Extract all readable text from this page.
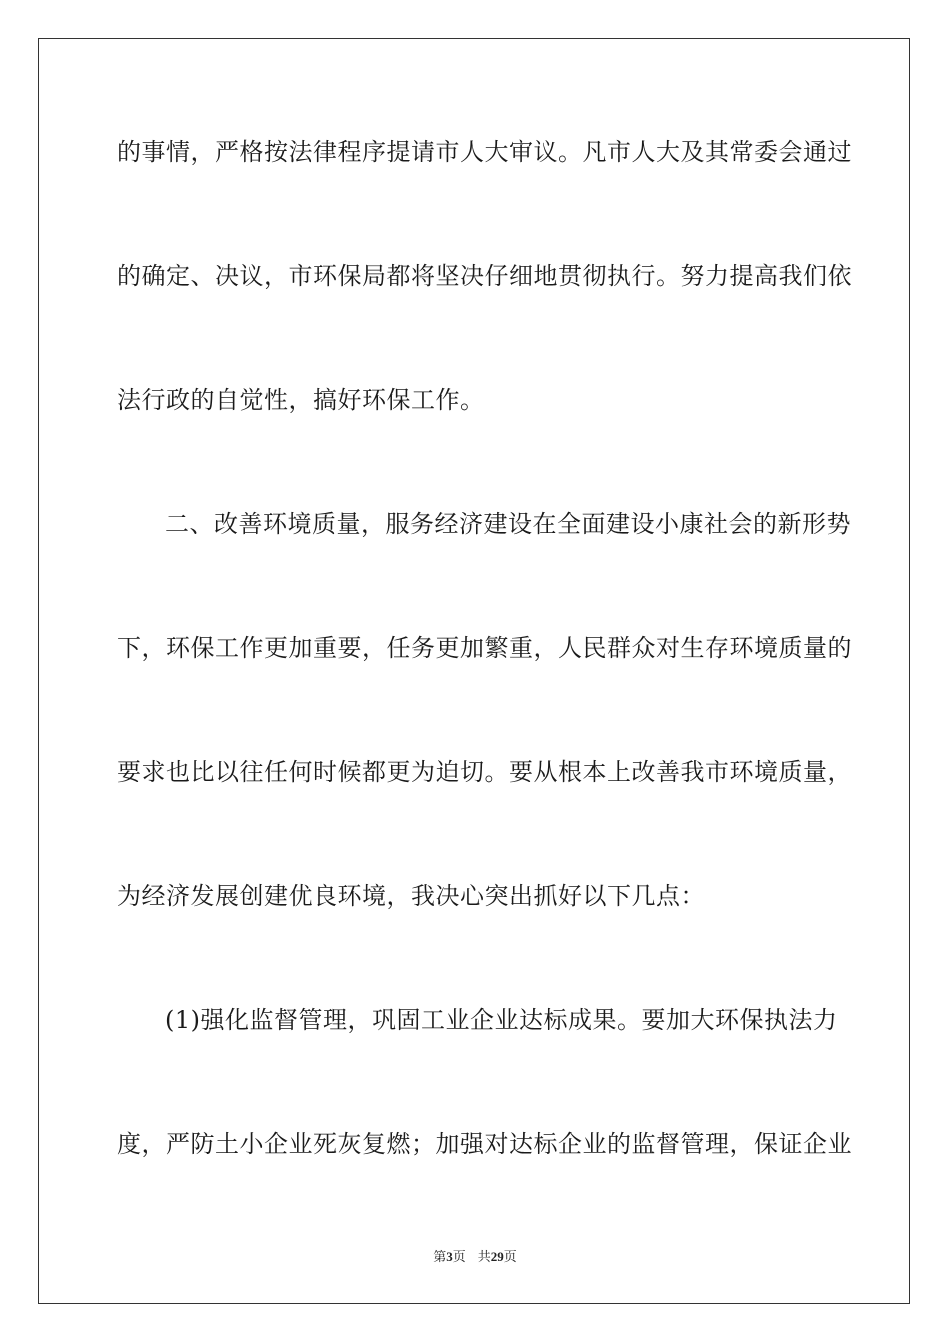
的事情，严格按法律程序提请市人大审议。凡市人大及其常委会通过
的确定、决议，市环保局都将坚决仔细地贯彻执行。努力提高我们依
法行政的自觉性，搞好环保工作。
二、改善环境质量，服务经济建设在全面建设小康社会的新形势
下，环保工作更加重要，任务更加繁重，人民群众对生存环境质量的
要求也比以往任何时候都更为迫切。要从根本上改善我市环境质量，
为经济发展创建优良环境，我决心突出抓好以下几点：
(1)强化监督管理，巩固工业企业达标成果。要加大环保执法力
度，严防土小企业死灰复燃；加强对达标企业的监督管理，保证企业
第3页 共29页
